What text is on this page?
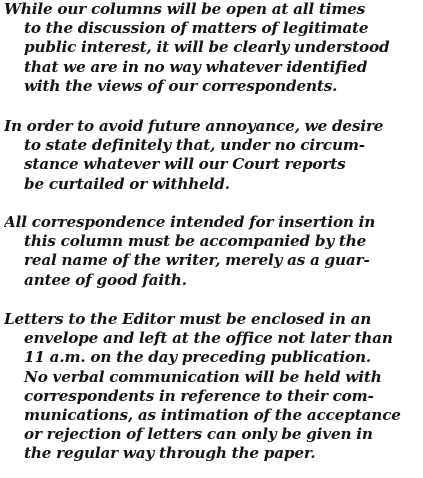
While our columns will be open at all times
to the discussion of matters of legitimate
public interest, it will be clearly understood
that we are in no way whatever identified
with the views of our correspondents.
In order to avoid future annoyance, we desire
to state definitely that, under no circum-
stance whatever will our Court reports
be curtailed or withheld.
All correspondence intended for insertion in
this column must be accompanied by the
real name of the writer, merely as a guar-
antee of good faith.
Letters to the Editor must be enclosed in an
envelope and left at the office not later than
11 a.m. on the day preceding publication.
No verbal communication will be held with
correspondents in reference to their com-
munications, as intimation of the acceptance
or rejection of letters can only be given in
the regular way through the paper.
